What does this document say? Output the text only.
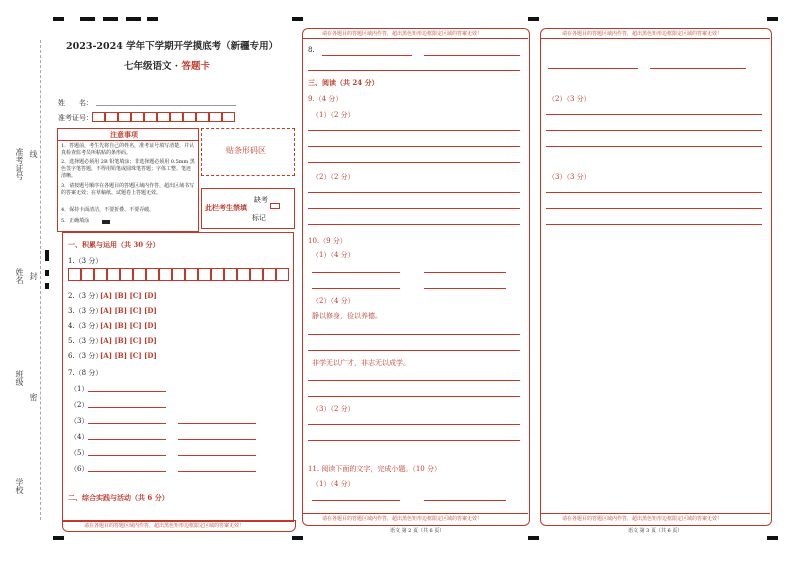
准考证号 线
姓名 封
班级
密
学校
2023-2024 学年下学期开学摸底考（新疆专用）
七年级语文 · 答题卡
姓　　名：
准考证号：
注意事项
1．答题前，考生先将自己的姓名，准考证号填写清楚，并认真检查监考员所粘贴的条形码。
2．选择题必须用 2B 铅笔填涂；非选择题必须用 0.5mm 黑色签字笔答题，不得用铅笔或圆珠笔答题；字体工整、笔迹清晰。
3．请按题号顺序在各题目的答题区域内作答，超出区域书写的答案无效；在草稿纸、试题卷上答题无效。
4．保持卡面清洁，不要折叠、不要弄破。
5．正确填涂
贴条形码区
此栏考生禁填
缺考
标记
一、积累与运用（共 30 分）
1.（3 分）
2.（3 分）
[A] [B] [C] [D]
3.（3 分）
[A] [B] [C] [D]
4.（3 分）
[A] [B] [C] [D]
5.（3 分）
[A] [B] [C] [D]
6.（3 分）
[A] [B] [C] [D]
7.（8 分）
（1）
（2）
（3）
（4）
（5）
（6）
二、综合实践与活动（共 6 分）
请在各题目的答题区域内作答，超出黑色矩形边框限定区域的答案无效！
请在各题目的答题区域内作答，超出黑色矩形边框限定区域的答案无效！
8.
三、阅读（共 24 分）
9.（4 分）
（1）（2 分）
（2）（2 分）
10.（9 分）
（1）（4 分）
（2）（4 分）
静以修身，俭以养德。
非学无以广才，非志无以成学。
（3）（2 分）
11. 阅读下面的文字，完成小题。（10 分）
（1）（4 分）
请在各题目的答题区域内作答，超出黑色矩形边框限定区域的答案无效！
语文 第 2 页（共 6 页）
请在各题目的答题区域内作答，超出黑色矩形边框限定区域的答案无效！
（2）（3 分）
（3）（3 分）
请在各题目的答题区域内作答，超出黑色矩形边框限定区域的答案无效！
语文 第 3 页（共 6 页）
